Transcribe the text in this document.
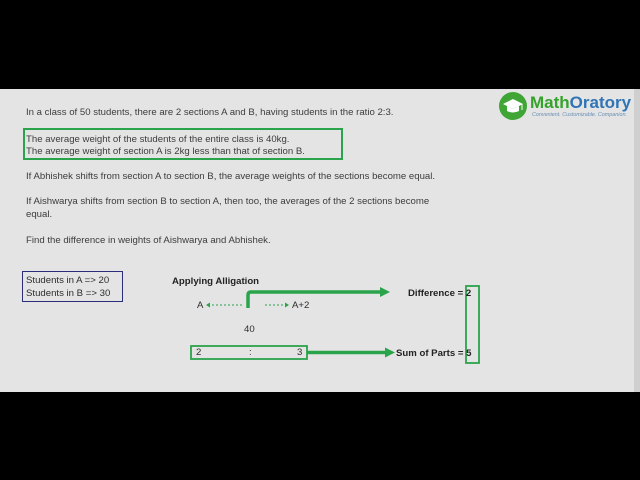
MathOratory
Convenient. Customizable. Companion.
In a class of 50 students, there are 2 sections A and B, having students in the ratio 2:3.
The average weight of the students of the entire class is 40kg.
The average weight of section A is 2kg less than that of section B.
If Abhishek shifts from section A to section B, the average weights of the sections become equal.
If Aishwarya shifts from section B to section A, then too, the averages of the 2 sections become
equal.
Find the difference in weights of Aishwarya and Abhishek.
Students in A => 20
Students in B => 30
Applying Alligation
A	A+2
40
2	:	3
Difference = 2
Sum of Parts = 5
